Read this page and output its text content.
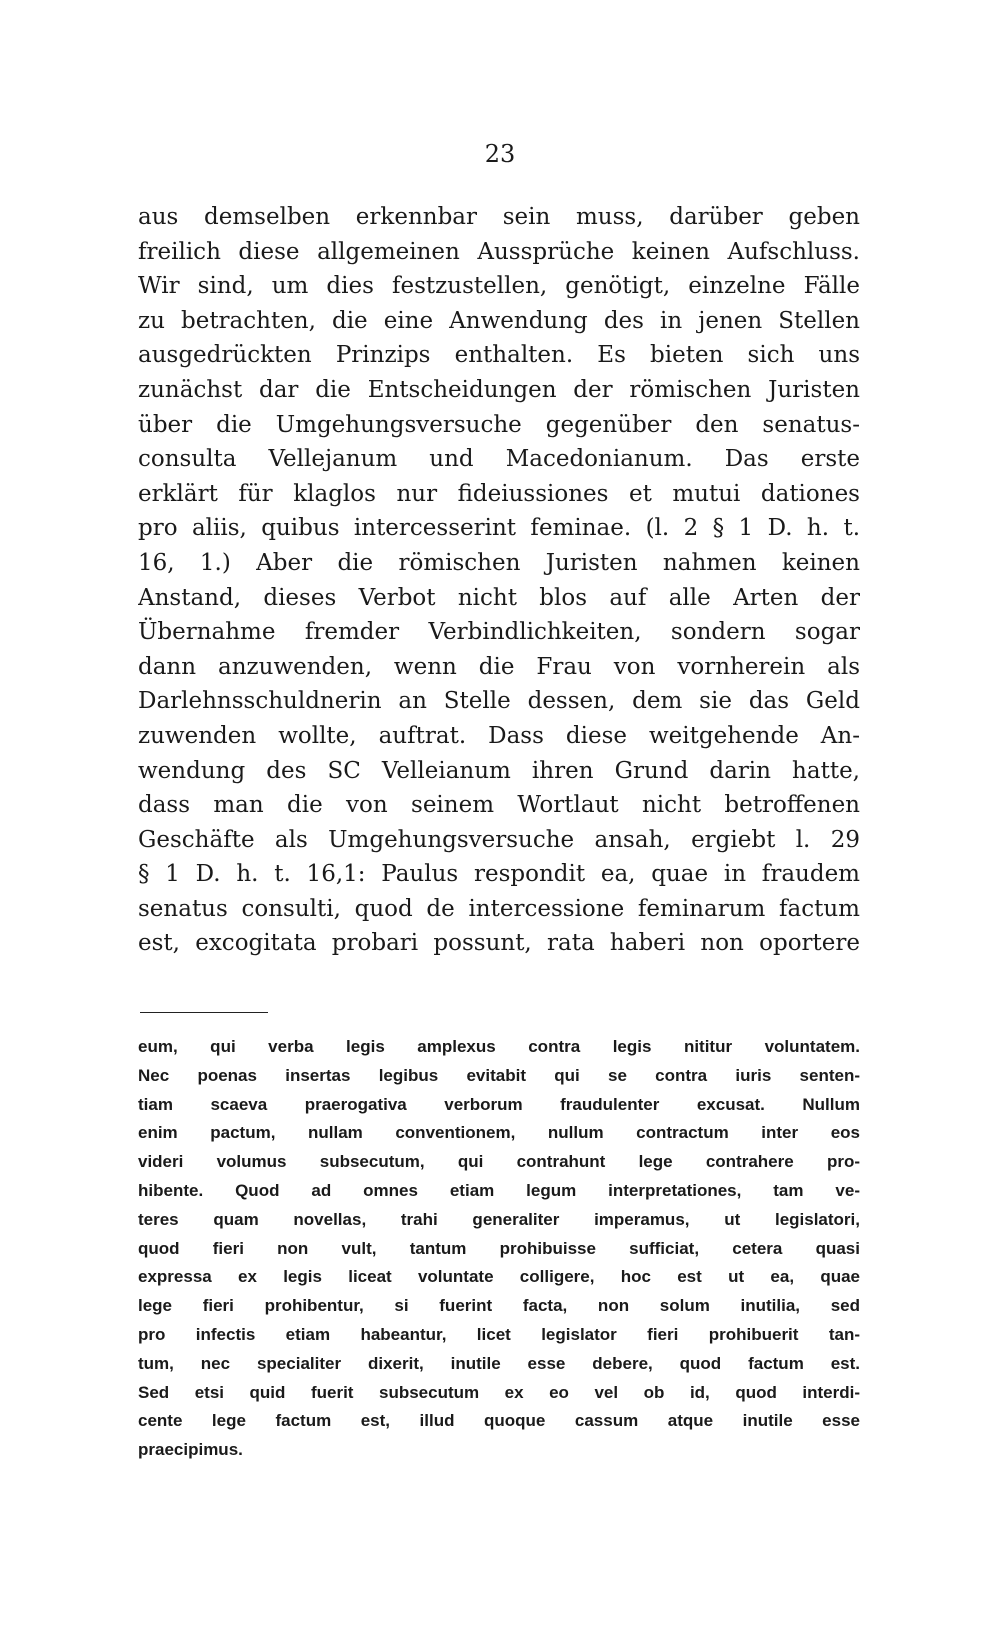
23
aus demselben erkennbar sein muss, darüber geben
freilich diese allgemeinen Aussprüche keinen Aufschluss.
Wir sind, um dies festzustellen, genötigt, einzelne Fälle
zu betrachten, die eine Anwendung des in jenen Stellen
ausgedrückten Prinzips enthalten. Es bieten sich uns
zunächst dar die Entscheidungen der römischen Juristen
über die Umgehungsversuche gegenüber den senatus-
consulta Vellejanum und Macedonianum. Das erste
erklärt für klaglos nur fideiussiones et mutui dationes
pro aliis, quibus intercesserint feminae. (l. 2 § 1 D. h. t.
16, 1.) Aber die römischen Juristen nahmen keinen
Anstand, dieses Verbot nicht blos auf alle Arten der
Übernahme fremder Verbindlichkeiten, sondern sogar
dann anzuwenden, wenn die Frau von vornherein als
Darlehnsschuldnerin an Stelle dessen, dem sie das Geld
zuwenden wollte, auftrat. Dass diese weitgehende An-
wendung des SC Velleianum ihren Grund darin hatte,
dass man die von seinem Wortlaut nicht betroffenen
Geschäfte als Umgehungsversuche ansah, ergiebt l. 29
§ 1 D. h. t. 16,1: Paulus respondit ea, quae in fraudem
senatus consulti, quod de intercessione feminarum factum
est, excogitata probari possunt, rata haberi non oportere
eum, qui verba legis amplexus contra legis nititur voluntatem.
Nec poenas insertas legibus evitabit qui se contra iuris senten-
tiam scaeva praerogativa verborum fraudulenter excusat. Nullum
enim pactum, nullam conventionem, nullum contractum inter eos
videri volumus subsecutum, qui contrahunt lege contrahere pro-
hibente. Quod ad omnes etiam legum interpretationes, tam ve-
teres quam novellas, trahi generaliter imperamus, ut legislatori,
quod fieri non vult, tantum prohibuisse sufficiat, cetera quasi
expressa ex legis liceat voluntate colligere, hoc est ut ea, quae
lege fieri prohibentur, si fuerint facta, non solum inutilia, sed
pro infectis etiam habeantur, licet legislator fieri prohibuerit tan-
tum, nec specialiter dixerit, inutile esse debere, quod factum est.
Sed etsi quid fuerit subsecutum ex eo vel ob id, quod interdi-
cente lege factum est, illud quoque cassum atque inutile esse
praecipimus.
